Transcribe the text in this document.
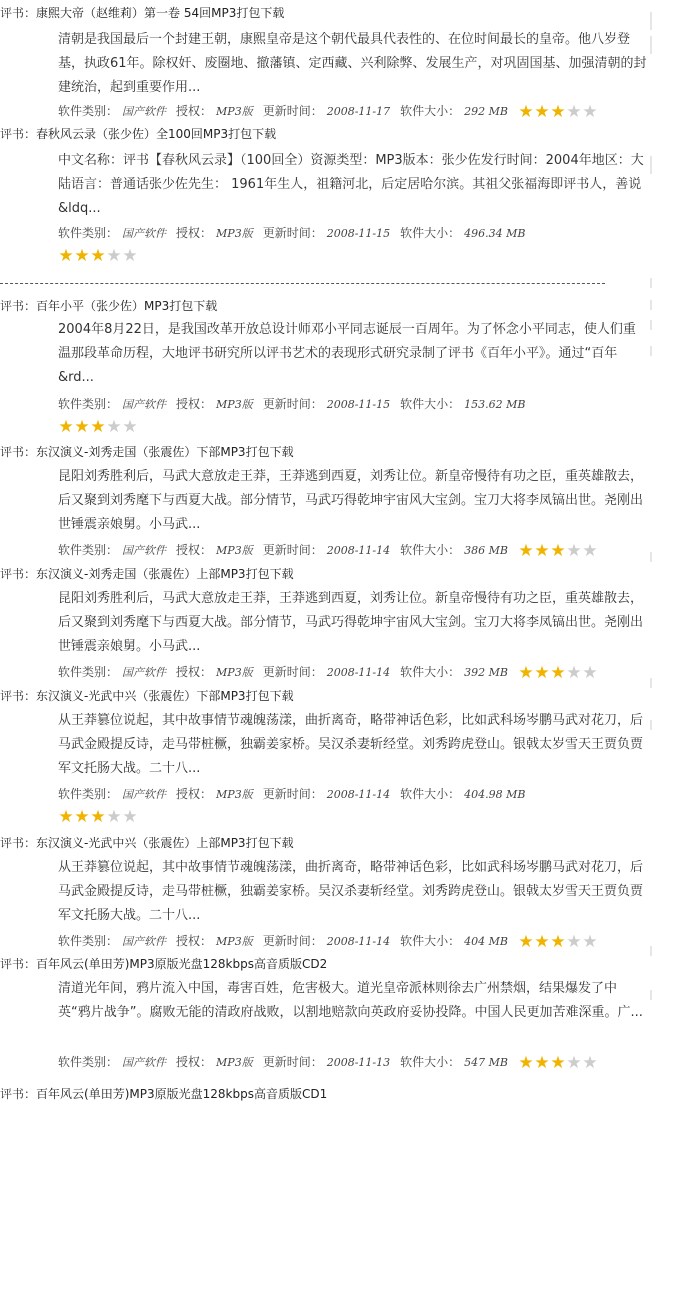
评书：康熙大帝（赵维莉）第一卷 54回MP3打包下载
清朝是我国最后一个封建王朝，康熙皇帝是这个朝代最具代表性的、在位时间最长的皇帝。他八岁登基，执政61年。除权奸、废圈地、撤藩镇、定西藏、兴利除弊、发展生产，对巩固国基、加强清朝的封建统治，起到重要作用...
软件类别： 国产软件 授权： MP3版 更新时间： 2008-11-17 软件大小： 292 MB ★★★★★
评书：春秋风云录（张少佐）全100回MP3打包下载
中文名称：评书【春秋风云录】（100回全）资源类型：MP3版本：张少佐发行时间：2004年地区：大陆语言：普通话张少佐先生： 1961年生人，祖籍河北，后定居哈尔滨。其祖父张福海即评书人，善说&ldq...
软件类别： 国产软件 授权： MP3版 更新时间： 2008-11-15 软件大小： 496.34 MB
★★★★★
评书：百年小平（张少佐）MP3打包下载
2004年8月22日，是我国改革开放总设计师邓小平同志诞辰一百周年。为了怀念小平同志，使人们重温那段革命历程，大地评书研究所以评书艺术的表现形式研究录制了评书《百年小平》。通过“百年&rd...
软件类别： 国产软件 授权： MP3版 更新时间： 2008-11-15 软件大小： 153.62 MB
★★★★★
评书：东汉演义-刘秀走国（张震佐）下部MP3打包下载
昆阳刘秀胜利后，马武大意放走王莽，王莽逃到西夏，刘秀让位。新皇帝慢待有功之臣，重英雄散去，后又聚到刘秀麾下与西夏大战。部分情节，马武巧得乾坤宇宙风大宝剑。宝刀大将李凤镐出世。尧刚出世锤震亲娘舅。小马武...
软件类别： 国产软件 授权： MP3版 更新时间： 2008-11-14 软件大小： 386 MB ★★★★★
评书：东汉演义-刘秀走国（张震佐）上部MP3打包下载
昆阳刘秀胜利后，马武大意放走王莽，王莽逃到西夏，刘秀让位。新皇帝慢待有功之臣，重英雄散去，后又聚到刘秀麾下与西夏大战。部分情节，马武巧得乾坤宇宙风大宝剑。宝刀大将李凤镐出世。尧刚出世锤震亲娘舅。小马武...
软件类别： 国产软件 授权： MP3版 更新时间： 2008-11-14 软件大小： 392 MB ★★★★★
评书：东汉演义-光武中兴（张震佐）下部MP3打包下载
从王莽篡位说起，其中故事情节魂魄荡漾，曲折离奇，略带神话色彩，比如武科场岑鹏马武对花刀，后马武金殿提反诗，走马带桩橛，独霸姜家桥。吴汉杀妻斩经堂。刘秀跨虎登山。银戟太岁雪天王贾负贾军文托肠大战。二十八...
软件类别： 国产软件 授权： MP3版 更新时间： 2008-11-14 软件大小： 404.98 MB
★★★★★
评书：东汉演义-光武中兴（张震佐）上部MP3打包下载
从王莽篡位说起，其中故事情节魂魄荡漾，曲折离奇，略带神话色彩，比如武科场岑鹏马武对花刀，后马武金殿提反诗，走马带桩橛，独霸姜家桥。吴汉杀妻斩经堂。刘秀跨虎登山。银戟太岁雪天王贾负贾军文托肠大战。二十八...
软件类别： 国产软件 授权： MP3版 更新时间： 2008-11-14 软件大小： 404 MB ★★★★★
评书：百年风云(单田芳)MP3原版光盘128kbps高音质版CD2
清道光年间，鸦片流入中国，毒害百姓，危害极大。道光皇帝派林则徐去广州禁烟，结果爆发了中英“鸦片战争”。腐败无能的清政府战败，以割地赔款向英政府妥协投降。中国人民更加苦难深重。广...
软件类别： 国产软件 授权： MP3版 更新时间： 2008-11-13 软件大小： 547 MB ★★★★★
评书：百年风云(单田芳)MP3原版光盘128kbps高音质版CD1
